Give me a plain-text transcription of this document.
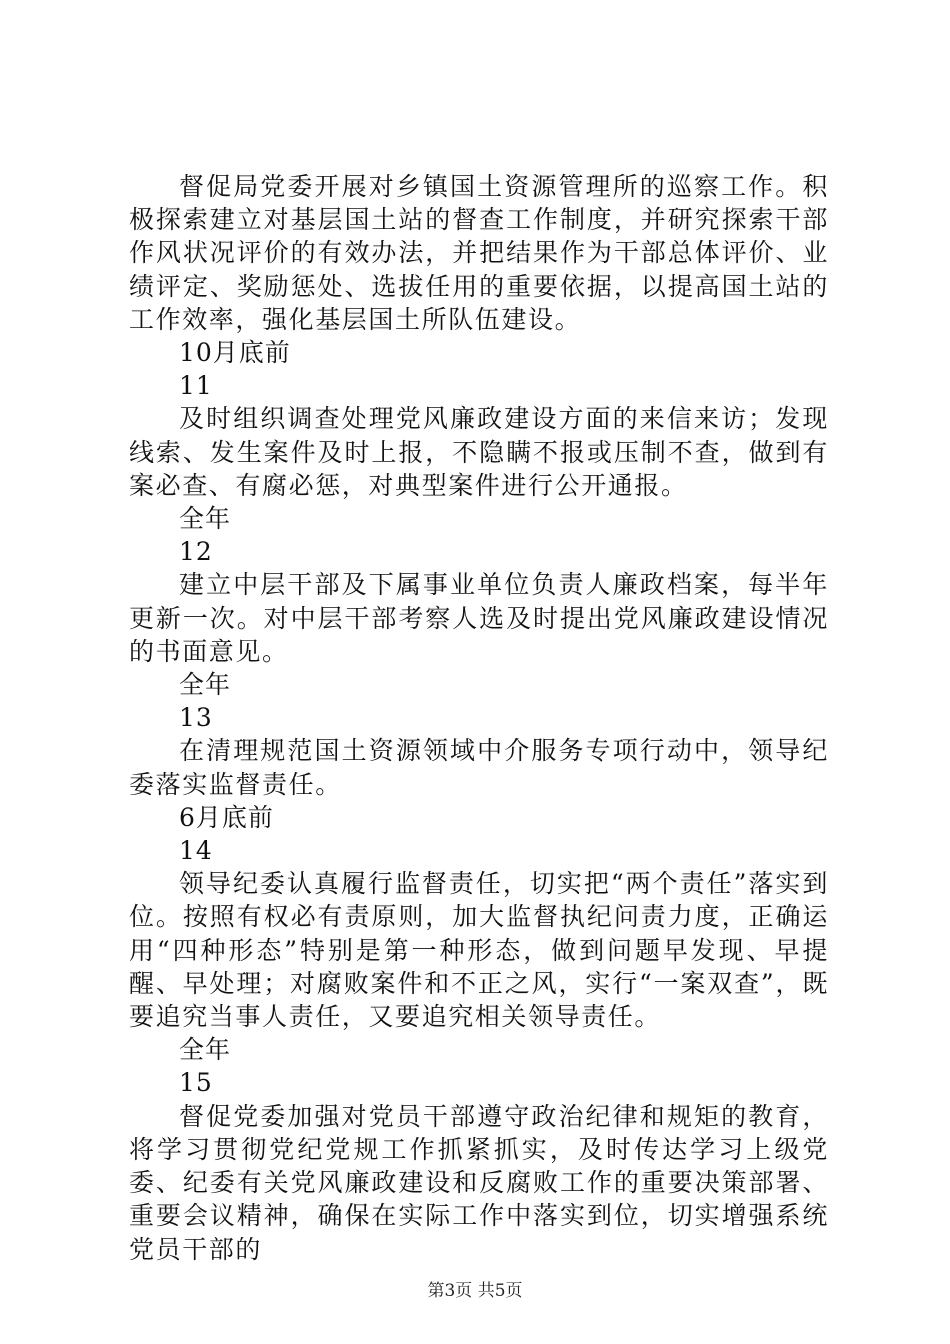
督促局党委开展对乡镇国土资源管理所的巡察工作。积极探索建立对基层国土站的督查工作制度，并研究探索干部作风状况评价的有效办法，并把结果作为干部总体评价、业绩评定、奖励惩处、选拔任用的重要依据，以提高国土站的工作效率，强化基层国土所队伍建设。

10月底前

11

及时组织调查处理党风廉政建设方面的来信来访；发现线索、发生案件及时上报，不隐瞒不报或压制不查，做到有案必查、有腐必惩，对典型案件进行公开通报。

全年

12

建立中层干部及下属事业单位负责人廉政档案，每半年更新一次。对中层干部考察人选及时提出党风廉政建设情况的书面意见。

全年

13

在清理规范国土资源领域中介服务专项行动中，领导纪委落实监督责任。

6月底前

14

领导纪委认真履行监督责任，切实把“两个责任”落实到位。按照有权必有责原则，加大监督执纪问责力度，正确运用“四种形态”特别是第一种形态，做到问题早发现、早提醒、早处理；对腐败案件和不正之风，实行“一案双查”，既要追究当事人责任，又要追究相关领导责任。

全年

15

督促党委加强对党员干部遵守政治纪律和规矩的教育，将学习贯彻党纪党规工作抓紧抓实，及时传达学习上级党委、纪委有关党风廉政建设和反腐败工作的重要决策部署、重要会议精神，确保在实际工作中落实到位，切实增强系统党员干部的

第3页 共5页
